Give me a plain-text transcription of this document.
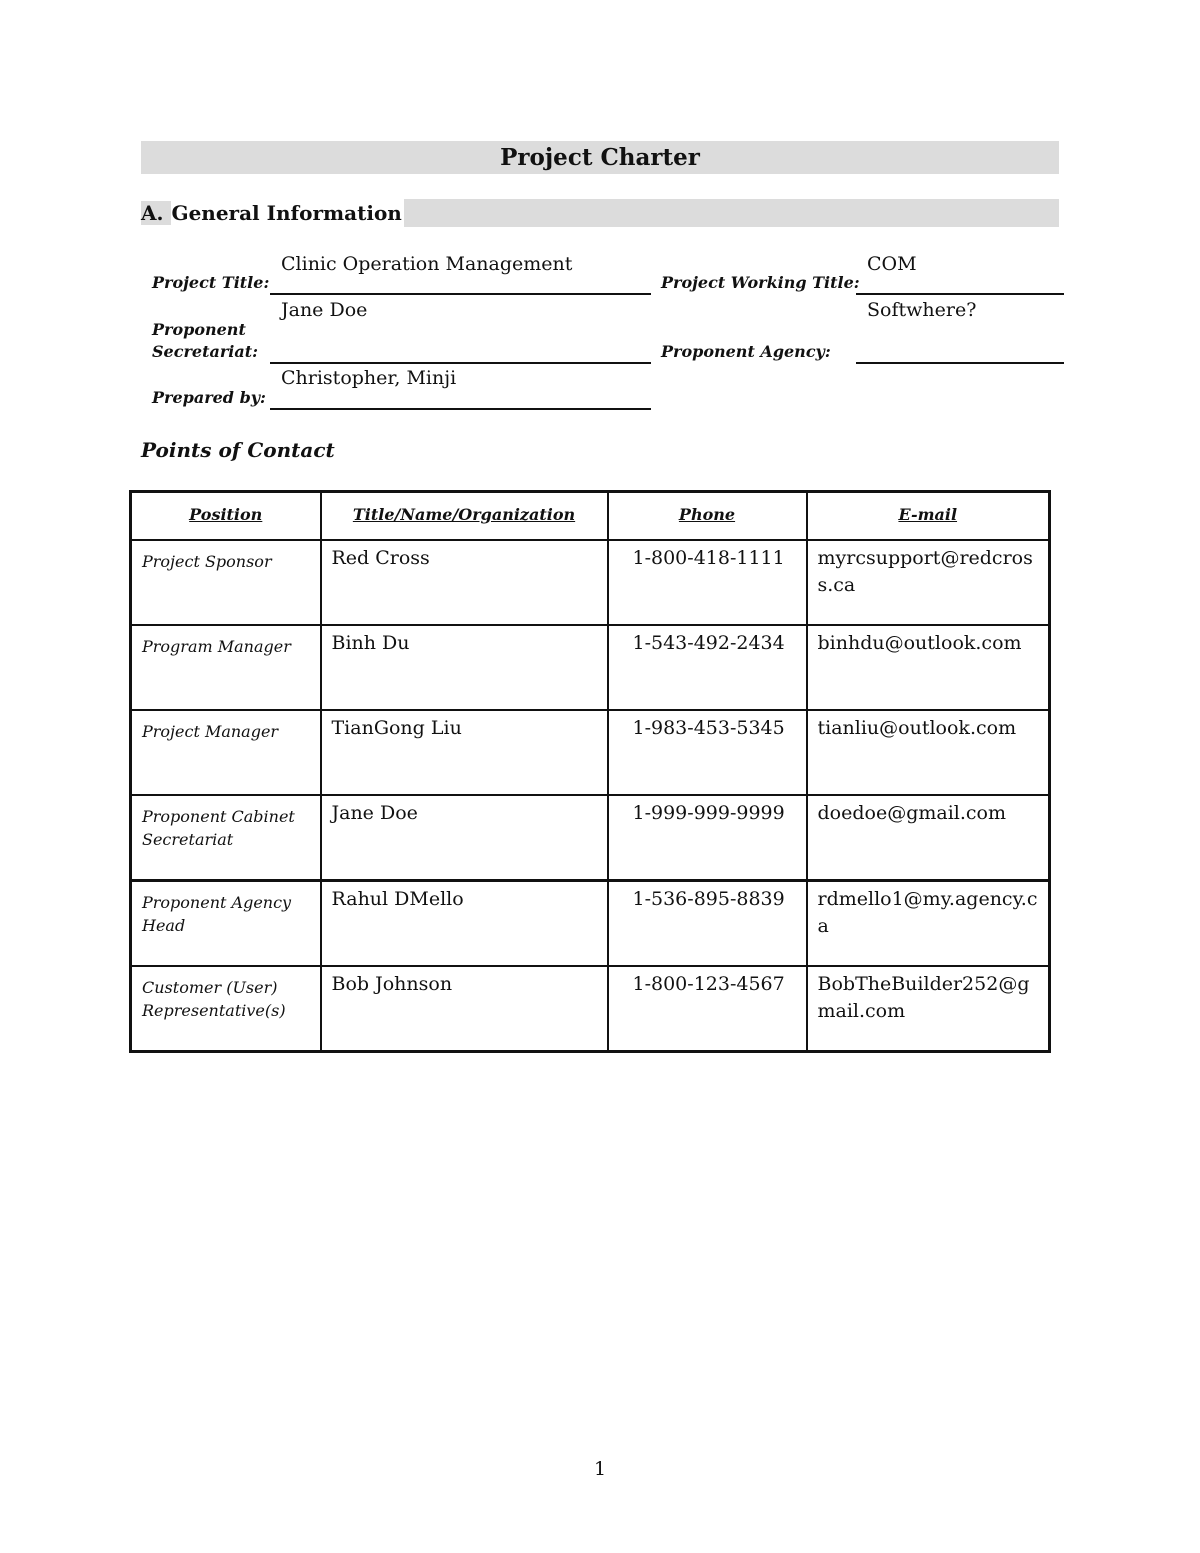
Project Charter
A. General Information
Project Title:
Clinic Operation Management
Project Working Title:
COM
Proponent
Secretariat:
Jane Doe
Proponent Agency:
Softwhere?
Prepared by:
Christopher, Minji
Points of Contact
Position	Title/Name/Organization	Phone	E-mail
Project Sponsor	Red Cross	1-800-418-1111	myrcsupport@redcross.ca
Program Manager	Binh Du	1-543-492-2434	binhdu@outlook.com
Project Manager	TianGong Liu	1-983-453-5345	tianliu@outlook.com
Proponent Cabinet Secretariat	Jane Doe	1-999-999-9999	doedoe@gmail.com
Proponent Agency Head	Rahul DMello	1-536-895-8839	rdmello1@my.agency.ca
Customer (User) Representative(s)	Bob Johnson	1-800-123-4567	BobTheBuilder252@gmail.com
1
